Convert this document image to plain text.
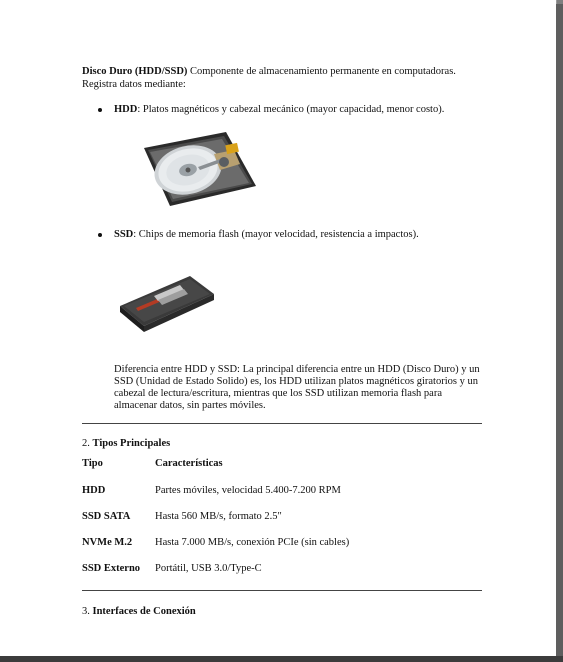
Disco Duro (HDD/SSD) Componente de almacenamiento permanente en computadoras. Registra datos mediante:
HDD: Platos magnéticos y cabezal mecánico (mayor capacidad, menor costo).
SSD: Chips de memoria flash (mayor velocidad, resistencia a impactos).
Diferencia entre HDD y SSD: La principal diferencia entre un HDD (Disco Duro) y un SSD (Unidad de Estado Solido) es, los HDD utilizan platos magnéticos giratorios y un cabezal de lectura/escritura, mientras que los SSD utilizan memoria flash para almacenar datos, sin partes móviles.
2. Tipos Principales
Tipo	Características
HDD	Partes móviles, velocidad 5.400-7.200 RPM
SSD SATA Hasta 560 MB/s, formato 2.5"
NVMe M.2 Hasta 7.000 MB/s, conexión PCIe (sin cables)
SSD Externo Portátil, USB 3.0/Type-C
3. Interfaces de Conexión
